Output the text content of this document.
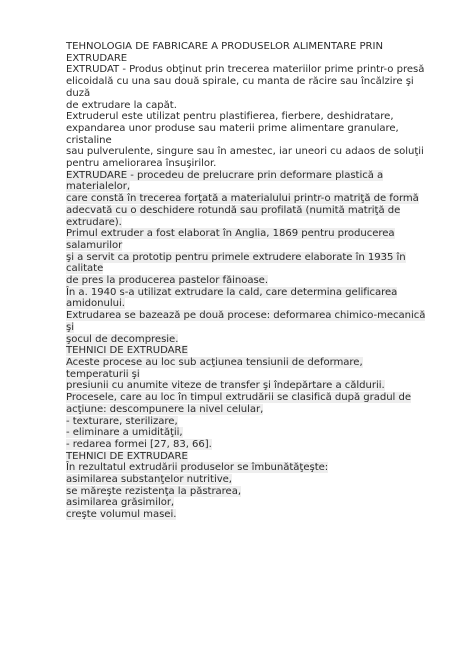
TEHNOLOGIA DE FABRICARE A PRODUSELOR ALIMENTARE PRIN EXTRUDARE
EXTRUDAT - Produs obţinut prin trecerea materiilor prime printr-o presă
elicoidală cu una sau două spirale, cu manta de răcire sau încălzire şi duză
de extrudare la capăt.
Extruderul este utilizat pentru plastifierea, fierbere, deshidratare,
expandarea unor produse sau materii prime alimentare granulare, cristaline
sau pulverulente, singure sau în amestec, iar uneori cu adaos de soluţii
pentru ameliorarea însuşirilor.
EXTRUDARE - procedeu de prelucrare prin deformare plastică a materialelor,
care constă în trecerea forţată a materialului printr-o matriţă de formă
adecvată cu o deschidere rotundă sau profilată (numită matriţă de
extrudare).
Primul extruder a fost elaborat în Anglia, 1869 pentru producerea salamurilor
şi a servit ca prototip pentru primele extrudere elaborate în 1935 în calitate
de pres la producerea pastelor făinoase.
În a. 1940 s-a utilizat extrudare la cald, care determina gelificarea
amidonului.
Extrudarea se bazează pe două procese: deformarea chimico-mecanică şi
şocul de decompresie.
TEHNICI DE EXTRUDARE
Aceste procese au loc sub acţiunea tensiunii de deformare, temperaturii şi
presiunii cu anumite viteze de transfer şi îndepărtare a căldurii.
Procesele, care au loc în timpul extrudării se clasifică după gradul de
acţiune: descompunere la nivel celular,
- texturare, sterilizare,
- eliminare a umidităţii,
- redarea formei [27, 83, 66].
TEHNICI DE EXTRUDARE
În rezultatul extrudării produselor se îmbunătăţeşte:
asimilarea substanţelor nutritive,
se măreşte rezistenţa la păstrarea,
asimilarea grăsimilor,
creşte volumul masei.
